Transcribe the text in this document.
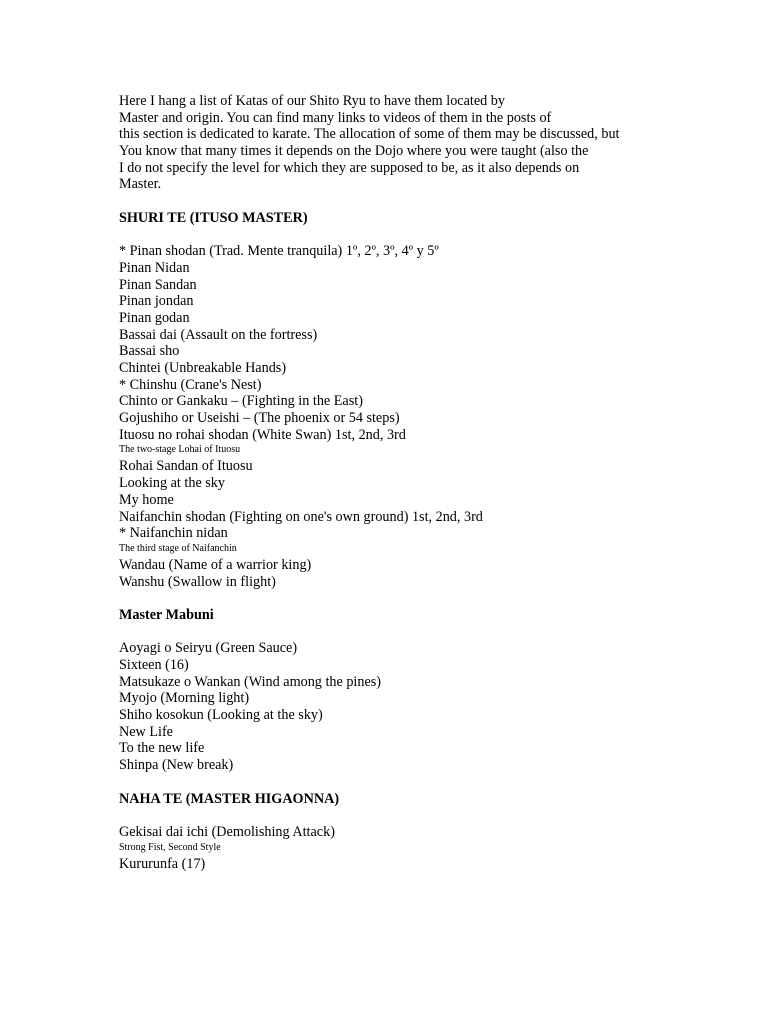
Here I hang a list of Katas of our Shito Ryu to have them located by
Master and origin. You can find many links to videos of them in the posts of
this section is dedicated to karate. The allocation of some of them may be discussed, but
You know that many times it depends on the Dojo where you were taught (also the
I do not specify the level for which they are supposed to be, as it also depends on
Master.
SHURI TE (ITUSO MASTER)
* Pinan shodan (Trad. Mente tranquila) 1º, 2º, 3º, 4º y 5º
Pinan Nidan
Pinan Sandan
Pinan jondan
Pinan godan
Bassai dai (Assault on the fortress)
Bassai sho
Chintei (Unbreakable Hands)
* Chinshu (Crane's Nest)
Chinto or Gankaku – (Fighting in the East)
Gojushiho or Useishi – (The phoenix or 54 steps)
Ituosu no rohai shodan (White Swan) 1st, 2nd, 3rd
The two-stage Lohai of Ituosu
Rohai Sandan of Ituosu
Looking at the sky
My home
Naifanchin shodan (Fighting on one's own ground) 1st, 2nd, 3rd
* Naifanchin nidan
The third stage of Naifanchin
Wandau (Name of a warrior king)
Wanshu (Swallow in flight)
Master Mabuni
Aoyagi o Seiryu (Green Sauce)
Sixteen (16)
Matsukaze o Wankan (Wind among the pines)
Myojo (Morning light)
Shiho kosokun (Looking at the sky)
New Life
To the new life
Shinpa (New break)
NAHA TE (MASTER HIGAONNA)
Gekisai dai ichi (Demolishing Attack)
Strong Fist, Second Style
Kururunfa (17)
